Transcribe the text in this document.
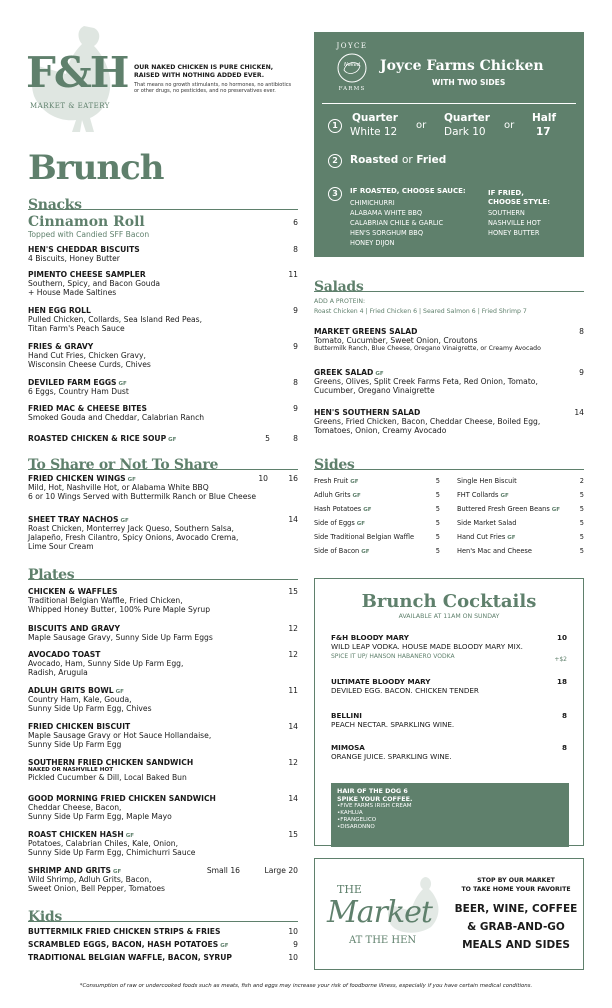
F&H
MARKET & EATERY
OUR NAKED CHICKEN IS PURE CHICKEN,
RAISED WITH NOTHING ADDED EVER.
That means no growth stimulants, no hormones, no antibiotics
or other drugs, no pesticides, and no preservatives ever.
Brunch
Snacks
Cinnamon Roll
Topped with Candied SFF Bacon
6
HEN'S CHEDDAR BISCUITS
4 Biscuits, Honey Butter
8
PIMENTO CHEESE SAMPLER
Southern, Spicy, and Bacon Gouda
+ House Made Saltines
11
HEN EGG ROLL
Pulled Chicken, Collards, Sea Island Red Peas,
Titan Farm's Peach Sauce
9
FRIES & GRAVY
Hand Cut Fries, Chicken Gravy,
Wisconsin Cheese Curds, Chives
9
DEVILED FARM EGGS GF
6 Eggs, Country Ham Dust
8
FRIED MAC & CHEESE BITES
Smoked Gouda and Cheddar, Calabrian Ranch
9
ROASTED CHICKEN & RICE SOUP GF	5	8
To Share or Not To Share
FRIED CHICKEN WINGS GF
Mild, Hot, Nashville Hot, or Alabama White BBQ
6 or 10 Wings Served with Buttermilk Ranch or Blue Cheese
10	16
SHEET TRAY NACHOS GF
Roast Chicken, Monterrey Jack Queso, Southern Salsa,
Jalapeño, Fresh Cilantro, Spicy Onions, Avocado Crema,
Lime Sour Cream
14
Plates
CHICKEN & WAFFLES
Traditional Belgian Waffle, Fried Chicken,
Whipped Honey Butter, 100% Pure Maple Syrup
15
BISCUITS AND GRAVY
Maple Sausage Gravy, Sunny Side Up Farm Eggs
12
AVOCADO TOAST
Avocado, Ham, Sunny Side Up Farm Egg,
Radish, Arugula
12
ADLUH GRITS BOWL GF
Country Ham, Kale, Gouda,
Sunny Side Up Farm Egg, Chives
11
FRIED CHICKEN BISCUIT
Maple Sausage Gravy or Hot Sauce Hollandaise,
Sunny Side Up Farm Egg
14
SOUTHERN FRIED CHICKEN SANDWICH
NAKED OR NASHVILLE HOT
Pickled Cucumber & Dill, Local Baked Bun
12
GOOD MORNING FRIED CHICKEN SANDWICH
Cheddar Cheese, Bacon,
Sunny Side Up Farm Egg, Maple Mayo
14
ROAST CHICKEN HASH GF
Potatoes, Calabrian Chiles, Kale, Onion,
Sunny Side Up Farm Egg, Chimichurri Sauce
15
SHRIMP AND GRITS GF
Wild Shrimp, Adluh Grits, Bacon,
Sweet Onion, Bell Pepper, Tomatoes
Small 16	Large 20
Kids
BUTTERMILK FRIED CHICKEN STRIPS & FRIES	10
SCRAMBLED EGGS, BACON, HASH POTATOES GF	9
TRADITIONAL BELGIAN WAFFLE, BACON, SYRUP	10
JOYCE
Naked
FARMS
Joyce Farms Chicken
WITH TWO SIDES
1
Quarter
White 12
or
Quarter
Dark 10
or
Half
17
2	Roasted or Fried
3	IF ROASTED, CHOOSE SAUCE:
CHIMICHURRI
ALABAMA WHITE BBQ
CALABRIAN CHILE & GARLIC
HEN'S SORGHUM BBQ
HONEY DIJON
IF FRIED,
CHOOSE STYLE:
SOUTHERN
NASHVILLE HOT
HONEY BUTTER
Salads
ADD A PROTEIN:
Roast Chicken 4 | Fried Chicken 6 | Seared Salmon 6 | Fried Shrimp 7
MARKET GREENS SALAD
Tomato, Cucumber, Sweet Onion, Croutons
Buttermilk Ranch, Blue Cheese, Oregano Vinaigrette, or Creamy Avocado
8
GREEK SALAD GF
Greens, Olives, Split Creek Farms Feta, Red Onion, Tomato,
Cucumber, Oregano Vinaigrette
9
HEN'S SOUTHERN SALAD
Greens, Fried Chicken, Bacon, Cheddar Cheese, Boiled Egg,
Tomatoes, Onion, Creamy Avocado
14
Sides
Fresh Fruit GF	5
Adluh Grits GF	5
Hash Potatoes GF	5
Side of Eggs GF	5
Side Traditional Belgian Waffle	5
Side of Bacon GF	5
Single Hen Biscuit	2
FHT Collards GF	5
Buttered Fresh Green Beans GF	5
Side Market Salad	5
Hand Cut Fries GF	5
Hen's Mac and Cheese	5
Brunch Cocktails
AVAILABLE AT 11AM ON SUNDAY
F&H BLOODY MARY
WILD LEAP VODKA. HOUSE MADE BLOODY MARY MIX.
SPICE IT UP/ HANSON HABANERO VODKA	+$2
10
ULTIMATE BLOODY MARY
DEVILED EGG. BACON. CHICKEN TENDER
18
BELLINI
PEACH NECTAR. SPARKLING WINE.
8
MIMOSA
ORANGE JUICE. SPARKLING WINE.
8
HAIR OF THE DOG 6
SPIKE YOUR COFFEE.
•FIVE FARMS IRISH CREAM
•KAHLUA
•FRANGELICO
•DISARONNO
THE
Market
AT THE HEN
STOP BY OUR MARKET
TO TAKE HOME YOUR FAVORITE
BEER, WINE, COFFEE
& GRAB-AND-GO
MEALS AND SIDES
*Consumption of raw or undercooked foods such as meats, fish and eggs may increase your risk of foodborne illness, especially if you have certain medical conditions.
